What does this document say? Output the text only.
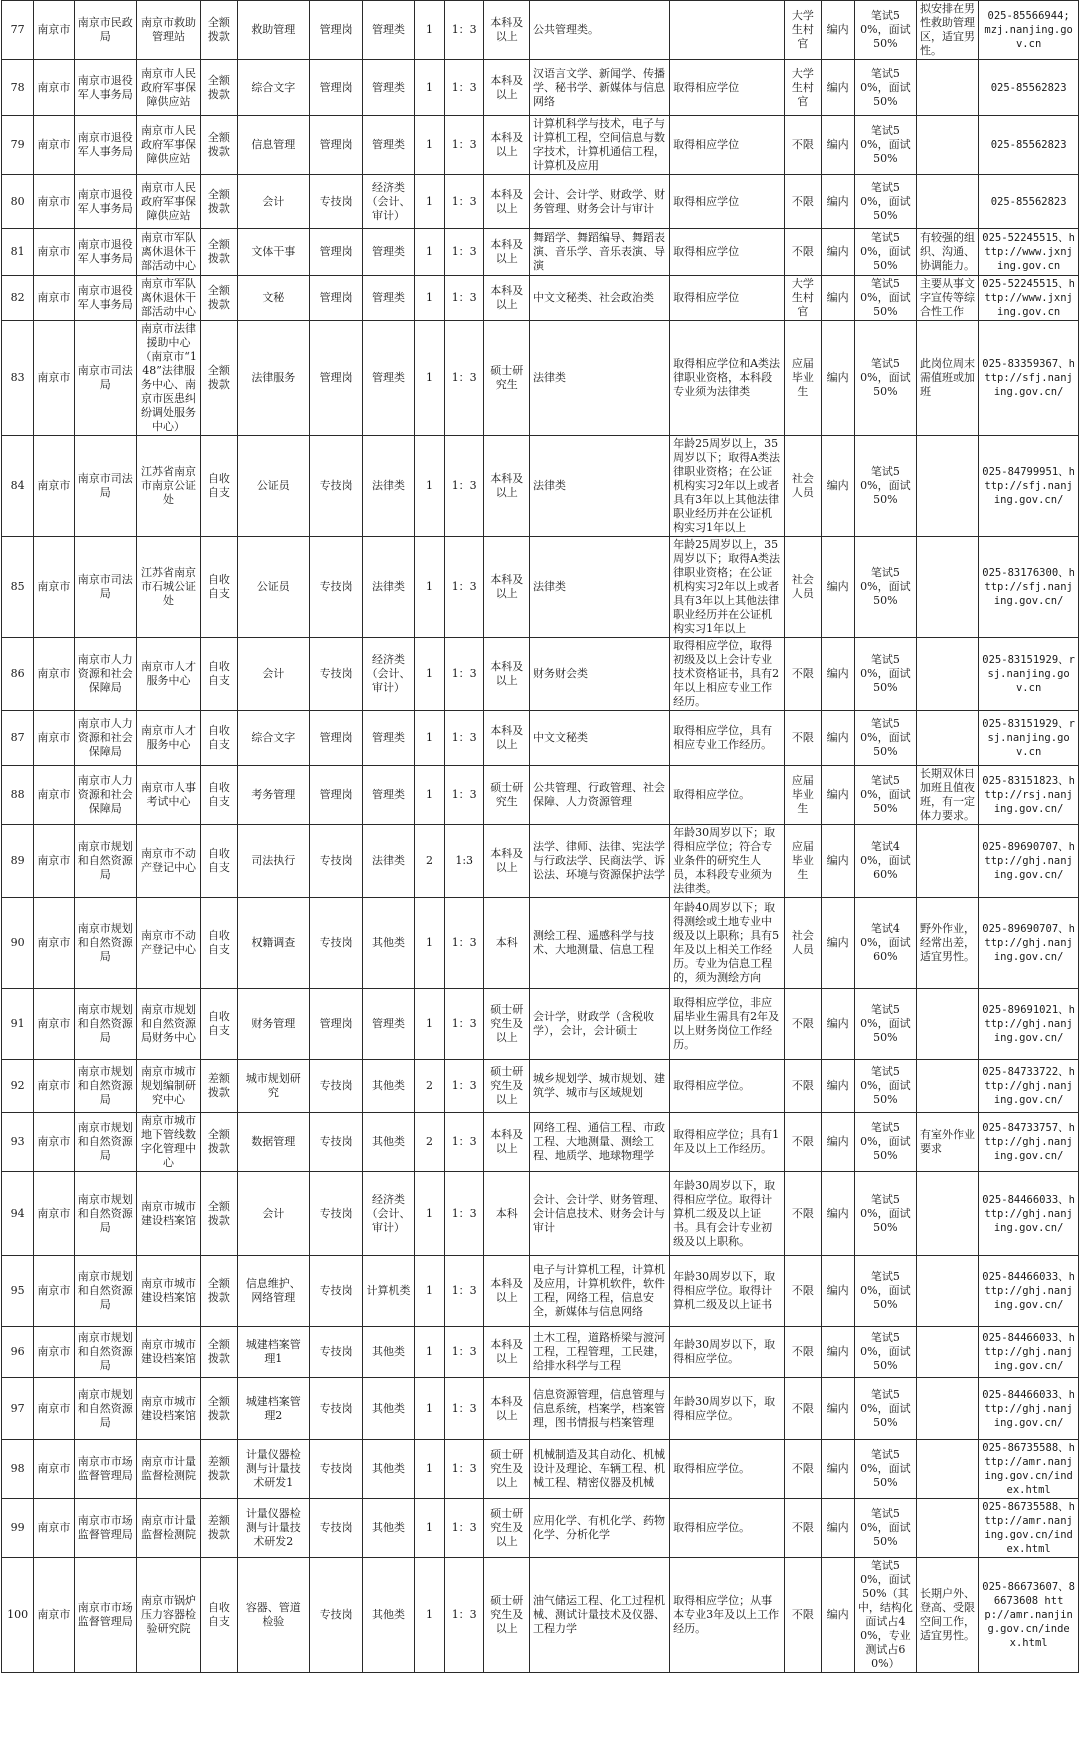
77	南京市	南京市民政局	南京市救助管理站	全额拨款	救助管理	管理岗	管理类	1	1：3	本科及以上	公共管理类。		大学生村官	编内	笔试50%，面试50%	拟安排在男性救助管理区，适宜男性。	025-85566944; mzj.nanjing.gov.cn
78	南京市	南京市退役军人事务局	南京市人民政府军事保障供应站	全额拨款	综合文字	管理岗	管理类	1	1：3	本科及以上	汉语言文学、新闻学、传播学、秘书学、新媒体与信息网络	取得相应学位	大学生村官	编内	笔试50%，面试50%		025-85562823
79	南京市	南京市退役军人事务局	南京市人民政府军事保障供应站	全额拨款	信息管理	管理岗	管理类	1	1：3	本科及以上	计算机科学与技术，电子与计算机工程，空间信息与数字技术，计算机通信工程，计算机及应用	取得相应学位	不限	编内	笔试50%，面试50%		025-85562823
80	南京市	南京市退役军人事务局	南京市人民政府军事保障供应站	全额拨款	会计	专技岗	经济类（会计、审计）	1	1：3	本科及以上	会计、会计学、财政学、财务管理、财务会计与审计	取得相应学位	不限	编内	笔试50%，面试50%		025-85562823
81	南京市	南京市退役军人事务局	南京市军队离休退休干部活动中心	全额拨款	文体干事	管理岗	管理类	1	1：3	本科及以上	舞蹈学、舞蹈编导、舞蹈表演、音乐学、音乐表演、导演	取得相应学位	不限	编内	笔试50%，面试50%	有较强的组织、沟通、协调能力。	025-52245515、http://www.jxnjing.gov.cn
82	南京市	南京市退役军人事务局	南京市军队离休退休干部活动中心	全额拨款	文秘	管理岗	管理类	1	1：3	本科及以上	中文文秘类、社会政治类	取得相应学位	大学生村官	编内	笔试50%，面试50%	主要从事文字宣传等综合性工作	025-52245515、http://www.jxnjing.gov.cn
83	南京市	南京市司法局	南京市法律援助中心（南京市“148”法律服务中心、南京市医患纠纷调处服务中心）	全额拨款	法律服务	管理岗	管理类	1	1：3	硕士研究生	法律类	取得相应学位和A类法律职业资格，本科段专业须为法律类	应届毕业生	编内	笔试50%，面试50%	此岗位周末需值班或加班	025-83359367、http://sfj.nanjing.gov.cn/
84	南京市	南京市司法局	江苏省南京市南京公证处	自收自支	公证员	专技岗	法律类	1	1：3	本科及以上	法律类	年龄25周岁以上，35周岁以下；取得A类法律职业资格；在公证机构实习2年以上或者具有3年以上其他法律职业经历并在公证机构实习1年以上	社会人员	编内	笔试50%，面试50%		025-84799951、http://sfj.nanjing.gov.cn/
85	南京市	南京市司法局	江苏省南京市石城公证处	自收自支	公证员	专技岗	法律类	1	1：3	本科及以上	法律类	年龄25周岁以上，35周岁以下；取得A类法律职业资格；在公证机构实习2年以上或者具有3年以上其他法律职业经历并在公证机构实习1年以上	社会人员	编内	笔试50%，面试50%		025-83176300、http://sfj.nanjing.gov.cn/
86	南京市	南京市人力资源和社会保障局	南京市人才服务中心	自收自支	会计	专技岗	经济类（会计、审计）	1	1：3	本科及以上	财务财会类	取得相应学位，取得初级及以上会计专业技术资格证书，具有2年以上相应专业工作经历。	不限	编内	笔试50%，面试50%		025-83151929、rsj.nanjing.gov.cn
87	南京市	南京市人力资源和社会保障局	南京市人才服务中心	自收自支	综合文字	管理岗	管理类	1	1：3	本科及以上	中文文秘类	取得相应学位，具有相应专业工作经历。	不限	编内	笔试50%，面试50%		025-83151929、rsj.nanjing.gov.cn
88	南京市	南京市人力资源和社会保障局	南京市人事考试中心	自收自支	考务管理	管理岗	管理类	1	1：3	硕士研究生	公共管理、行政管理、社会保障、人力资源管理	取得相应学位。	应届毕业生	编内	笔试50%，面试50%	长期双休日加班且值夜班，有一定体力要求。	025-83151823、http://rsj.nanjing.gov.cn/
89	南京市	南京市规划和自然资源局	南京市不动产登记中心	自收自支	司法执行	专技岗	法律类	2	1:3	本科及以上	法学、律师、法律、宪法学与行政法学、民商法学、诉讼法、环境与资源保护法学	年龄30周岁以下；取得相应学位；符合专业条件的研究生人员，本科段专业须为法律类。	应届毕业生	编内	笔试40%，面试60%		025-89690707、http://ghj.nanjing.gov.cn/
90	南京市	南京市规划和自然资源局	南京市不动产登记中心	自收自支	权籍调查	专技岗	其他类	1	1：3	本科	测绘工程、遥感科学与技术、大地测量、信息工程	年龄40周岁以下；取得测绘或土地专业中级及以上职称；具有5年及以上相关工作经历。专业为信息工程的，须为测绘方向	社会人员	编内	笔试40%，面试60%	野外作业，经常出差，适宜男性。	025-89690707、http://ghj.nanjing.gov.cn/
91	南京市	南京市规划和自然资源局	南京市规划和自然资源局财务中心	自收自支	财务管理	管理岗	管理类	1	1：3	硕士研究生及以上	会计学，财政学（含税收学），会计，会计硕士	取得相应学位，非应届毕业生需具有2年及以上财务岗位工作经历。	不限	编内	笔试50%，面试50%		025-89691021、http://ghj.nanjing.gov.cn/
92	南京市	南京市规划和自然资源局	南京市城市规划编制研究中心	差额拨款	城市规划研究	专技岗	其他类	2	1：3	硕士研究生及以上	城乡规划学、城市规划、建筑学、城市与区域规划	取得相应学位。	不限	编内	笔试50%，面试50%		025-84733722、http://ghj.nanjing.gov.cn/
93	南京市	南京市规划和自然资源局	南京市城市地下管线数字化管理中心	全额拨款	数据管理	专技岗	其他类	2	1：3	本科及以上	网络工程、通信工程、市政工程、大地测量、测绘工程、地质学、地球物理学	取得相应学位；具有1年及以上工作经历。	不限	编内	笔试50%，面试50%	有室外作业要求	025-84733757、http://ghj.nanjing.gov.cn/
94	南京市	南京市规划和自然资源局	南京市城市建设档案馆	全额拨款	会计	专技岗	经济类（会计、审计）	1	1：3	本科	会计、会计学、财务管理、会计信息技术、财务会计与审计	年龄30周岁以下，取得相应学位。取得计算机二级及以上证书。具有会计专业初级及以上职称。	不限	编内	笔试50%，面试50%		025-84466033、http://ghj.nanjing.gov.cn/
95	南京市	南京市规划和自然资源局	南京市城市建设档案馆	全额拨款	信息维护、网络管理	专技岗	计算机类	1	1：3	本科及以上	电子与计算机工程，计算机及应用，计算机软件，软件工程，网络工程，信息安全，新媒体与信息网络	年龄30周岁以下，取得相应学位。取得计算机二级及以上证书	不限	编内	笔试50%，面试50%		025-84466033、http://ghj.nanjing.gov.cn/
96	南京市	南京市规划和自然资源局	南京市城市建设档案馆	全额拨款	城建档案管理1	专技岗	其他类	1	1：3	本科及以上	土木工程，道路桥梁与渡河工程，工程管理，工民建，给排水科学与工程	年龄30周岁以下，取得相应学位。	不限	编内	笔试50%，面试50%		025-84466033、http://ghj.nanjing.gov.cn/
97	南京市	南京市规划和自然资源局	南京市城市建设档案馆	全额拨款	城建档案管理2	专技岗	其他类	1	1：3	本科及以上	信息资源管理，信息管理与信息系统，档案学，档案管理，图书情报与档案管理	年龄30周岁以下，取得相应学位。	不限	编内	笔试50%，面试50%		025-84466033、http://ghj.nanjing.gov.cn/
98	南京市	南京市市场监督管理局	南京市计量监督检测院	差额拨款	计量仪器检测与计量技术研发1	专技岗	其他类	1	1：3	硕士研究生及以上	机械制造及其自动化、机械设计及理论、车辆工程、机械工程、精密仪器及机械	取得相应学位。	不限	编内	笔试50%，面试50%		025-86735588、http://amr.nanjing.gov.cn/index.html
99	南京市	南京市市场监督管理局	南京市计量监督检测院	差额拨款	计量仪器检测与计量技术研发2	专技岗	其他类	1	1：3	硕士研究生及以上	应用化学、有机化学、药物化学、分析化学	取得相应学位。	不限	编内	笔试50%，面试50%		025-86735588、http://amr.nanjing.gov.cn/index.html
100	南京市	南京市市场监督管理局	南京市锅炉压力容器检验研究院	自收自支	容器、管道检验	专技岗	其他类	1	1：3	硕士研究生及以上	油气储运工程、化工过程机械、测试计量技术及仪器、工程力学	取得相应学位；从事本专业3年及以上工作经历。	不限	编内	笔试50%，面试50%（其中，结构化面试占40%，专业测试占60%）	长期户外、登高、受限空间工作，适宜男性。	025-86673607、86673608 http://amr.nanjing.gov.cn/index.html
